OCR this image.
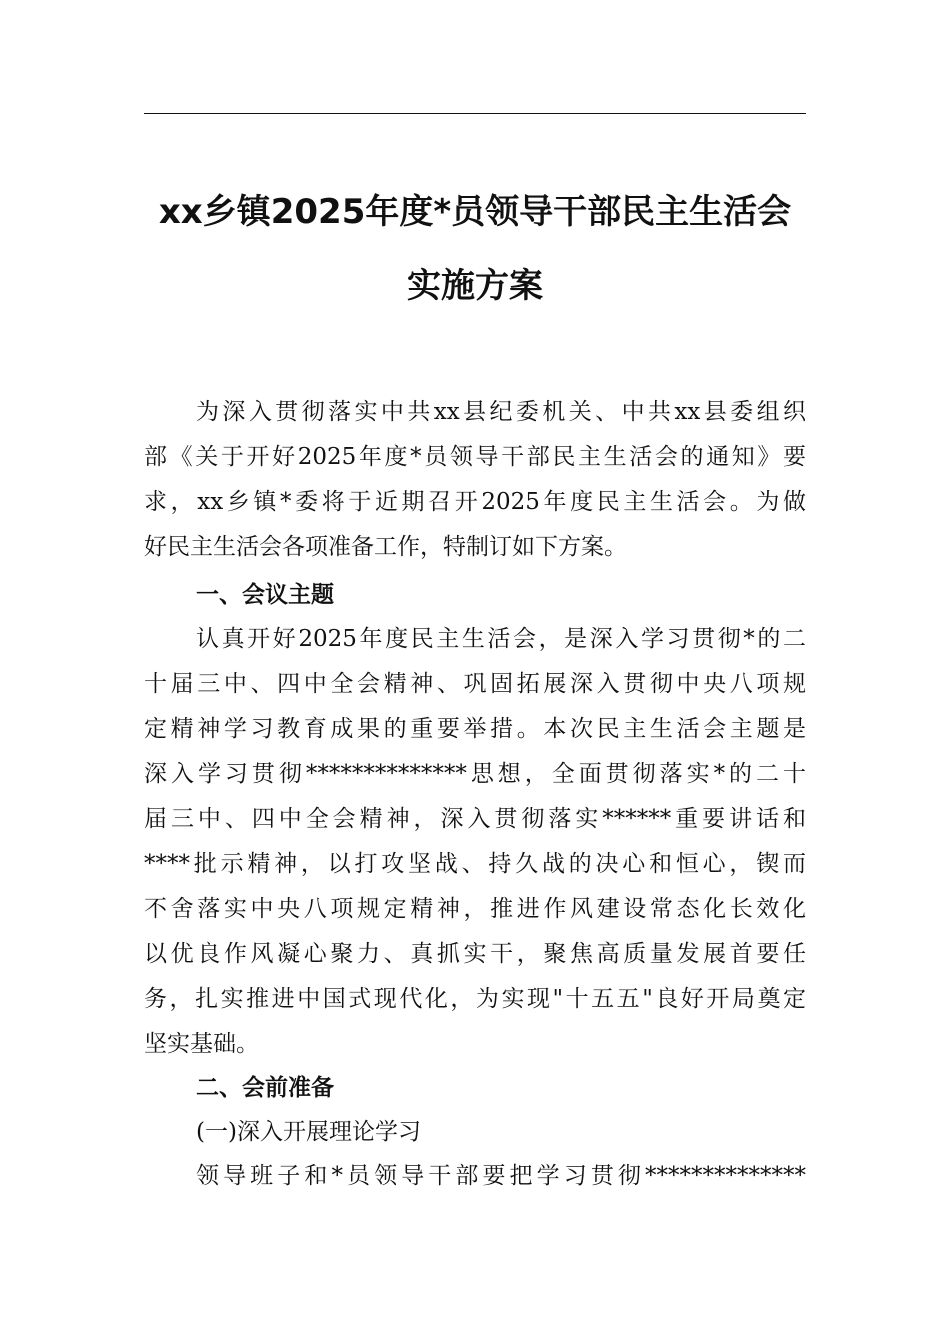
xx乡镇2025年度*员领导干部民主生活会
实施方案
为深入贯彻落实中共xx县纪委机关、中共xx县委组织
部《关于开好2025年度*员领导干部民主生活会的通知》要
求，xx乡镇*委将于近期召开2025年度民主生活会。为做
好民主生活会各项准备工作，特制订如下方案。
一、会议主题
认真开好2025年度民主生活会，是深入学习贯彻*的二
十届三中、四中全会精神、巩固拓展深入贯彻中央八项规
定精神学习教育成果的重要举措。本次民主生活会主题是
深入学习贯彻**************思想，全面贯彻落实*的二十
届三中、四中全会精神，深入贯彻落实******重要讲话和
****批示精神，以打攻坚战、持久战的决心和恒心，锲而
不舍落实中央八项规定精神，推进作风建设常态化长效化
以优良作风凝心聚力、真抓实干，聚焦高质量发展首要任
务，扎实推进中国式现代化，为实现"十五五"良好开局奠定
坚实基础。
二、会前准备
(一)深入开展理论学习
领导班子和*员领导干部要把学习贯彻**************
